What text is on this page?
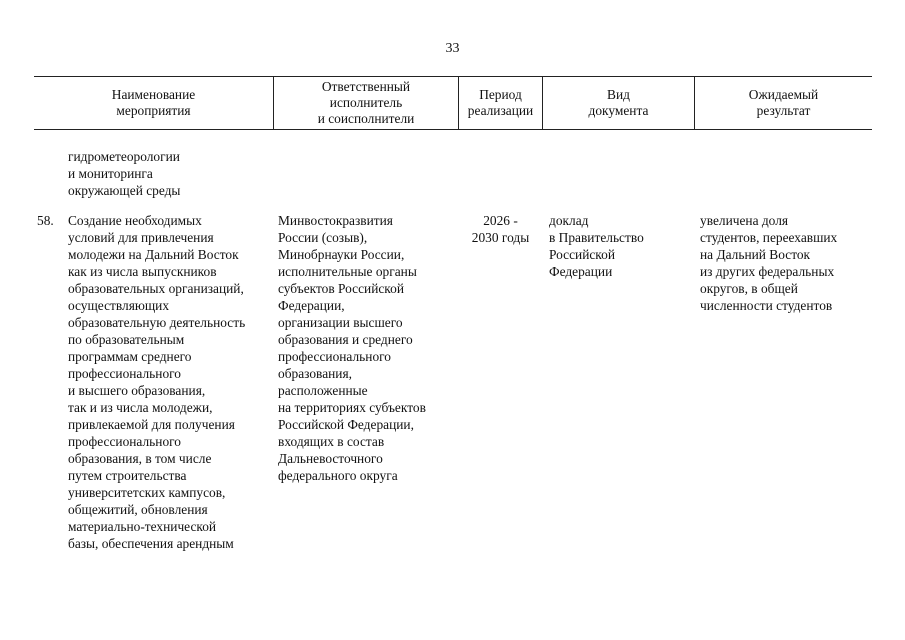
33
Наименование
мероприятия
Ответственный
исполнитель
и соисполнители
Период
реализации
Вид
документа
Ожидаемый
результат
гидрометеорологии
и мониторинга
окружающей среды
58.	Создание необходимых
условий для привлечения
молодежи на Дальний Восток
как из числа выпускников
образовательных организаций,
осуществляющих
образовательную деятельность
по образовательным
программам среднего
профессионального
и высшего образования,
так и из числа молодежи,
привлекаемой для получения
профессионального
образования, в том числе
путем строительства
университетских кампусов,
общежитий, обновления
материально-технической
базы, обеспечения арендным
Минвостокразвития
России (созыв),
Минобрнауки России,
исполнительные органы
субъектов Российской
Федерации,
организации высшего
образования и среднего
профессионального
образования,
расположенные
на территориях субъектов
Российской Федерации,
входящих в состав
Дальневосточного
федерального округа
2026 -
2030 годы
доклад
в Правительство
Российской
Федерации
увеличена доля
студентов, переехавших
на Дальний Восток
из других федеральных
округов, в общей
численности студентов
